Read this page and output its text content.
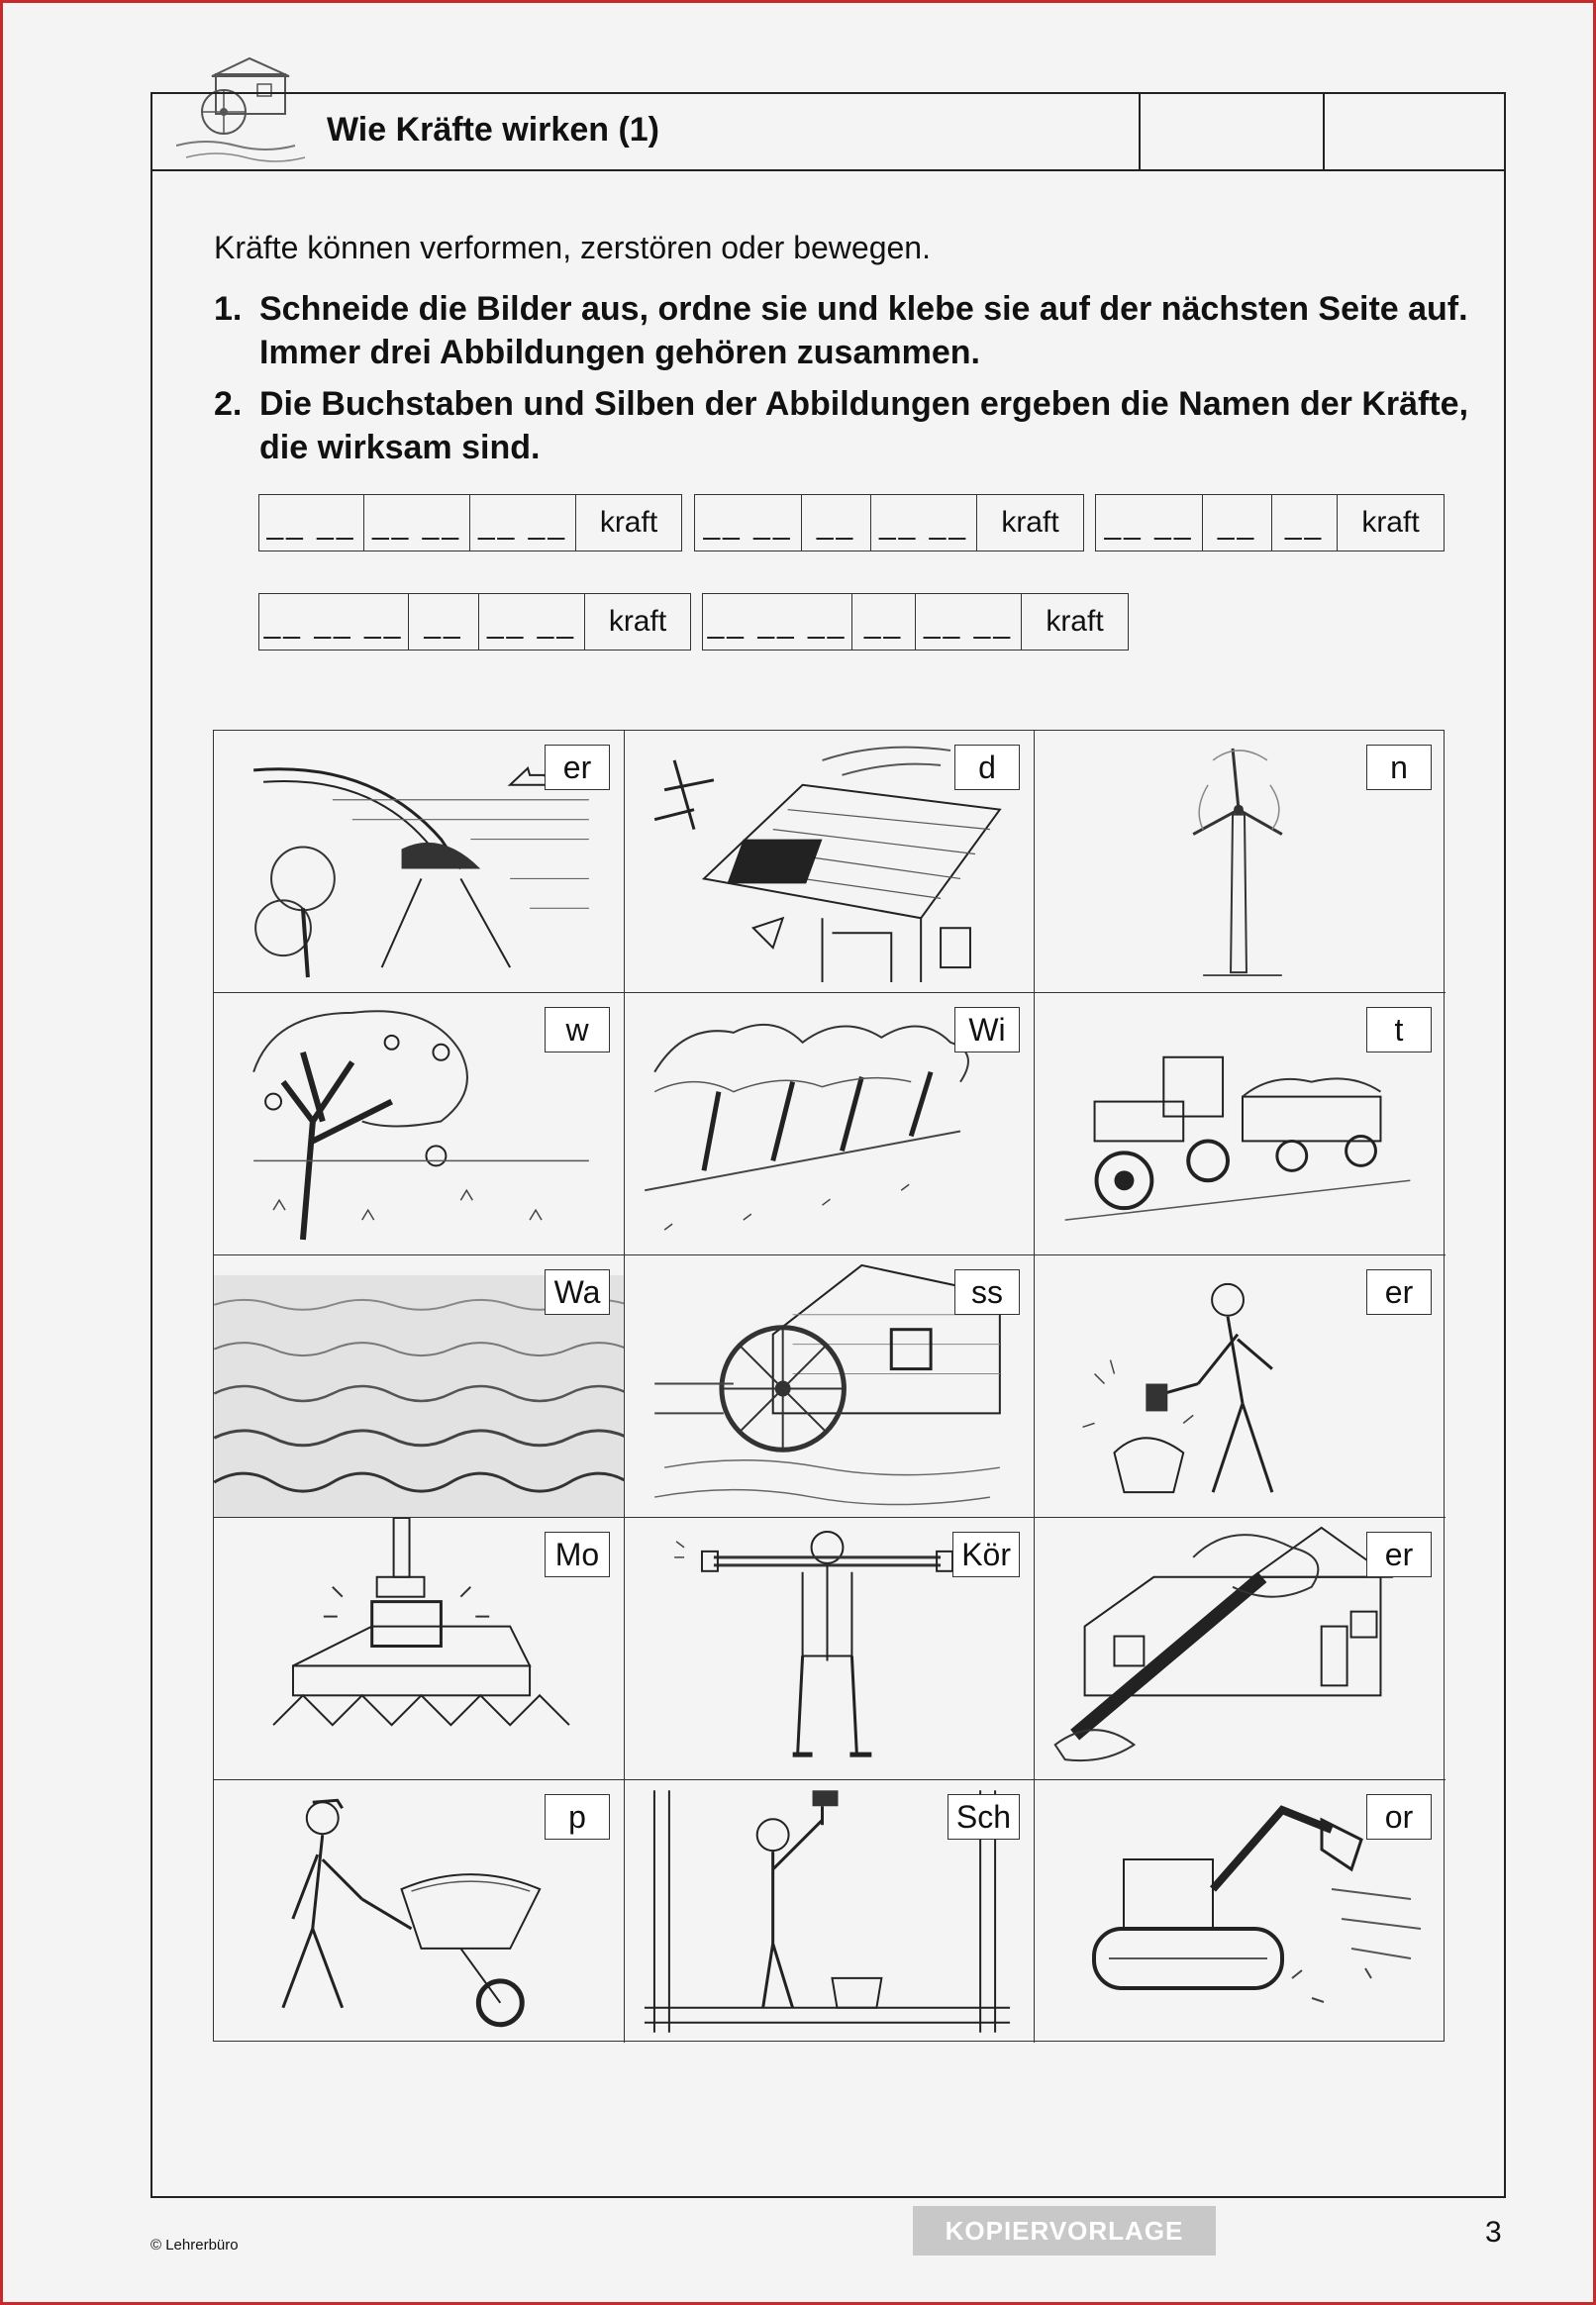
Wie Kräfte wirken (1)
Kräfte können verformen, zerstören oder bewegen.
1. Schneide die Bilder aus, ordne sie und klebe sie auf der nächsten Seite auf. Immer drei Abbildungen gehören zusammen.
2. Die Buchstaben und Silben der Abbildungen ergeben die Namen der Kräfte, die wirksam sind.
__ __ __ __ __ __	kraft	__ __ __ __ __	kraft	__ __ __ __	kraft
__ __ __ __ __ __	kraft	__ __ __ __ __ __	kraft
er	d	n
w	Wi	t
Wa	ss	er
Mo	Kör	er
p	Sch	or
© Lehrerbüro	KOPIERVORLAGE	3
